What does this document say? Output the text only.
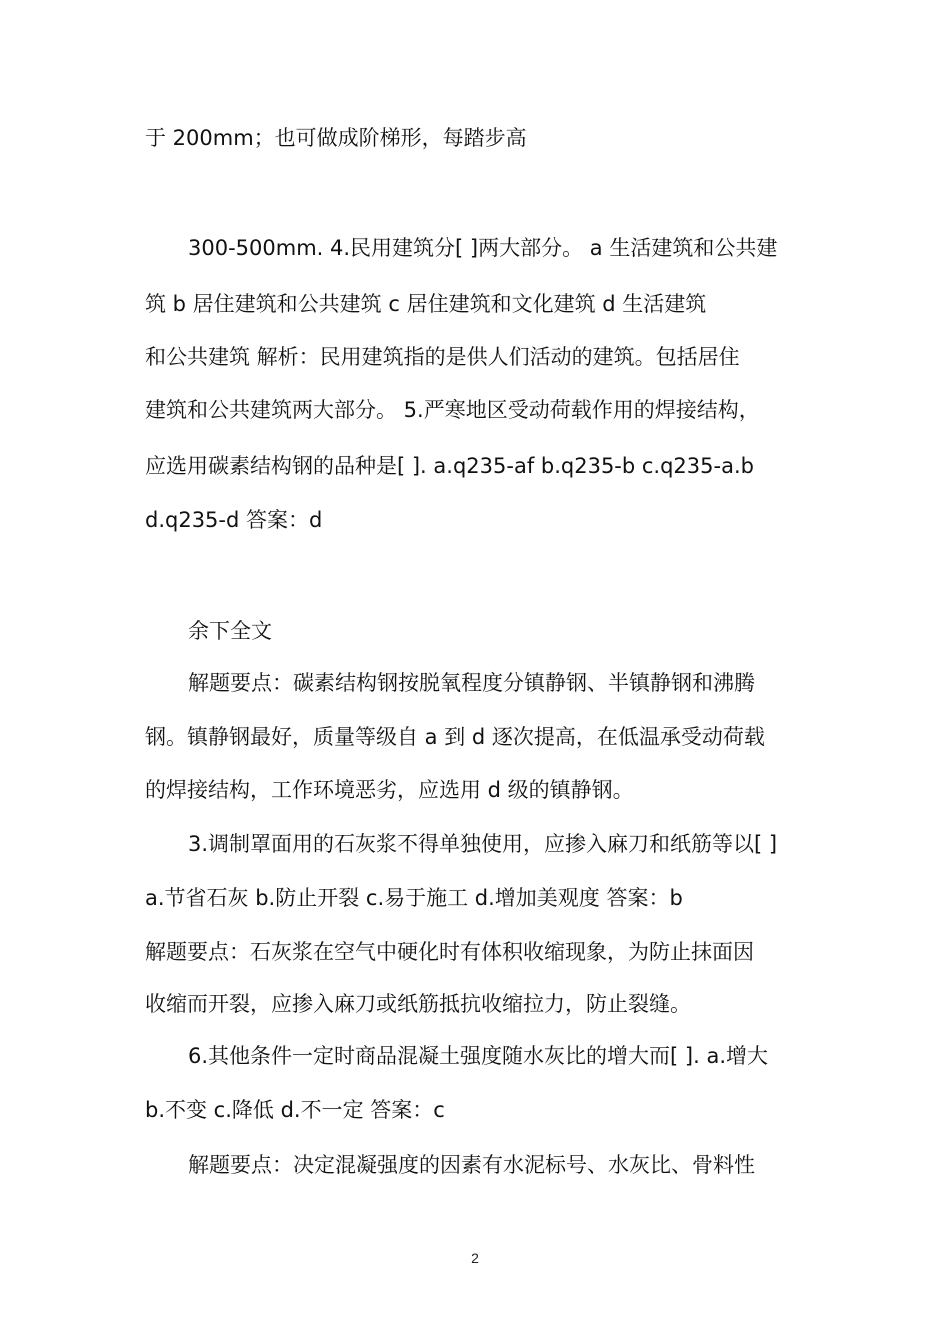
于 200mm；也可做成阶梯形，每踏步高
300-500mm. 4.民用建筑分[ ]两大部分。 a 生活建筑和公共建
筑 b 居住建筑和公共建筑 c 居住建筑和文化建筑 d 生活建筑
和公共建筑 解析：民用建筑指的是供人们活动的建筑。包括居住
建筑和公共建筑两大部分。 5.严寒地区受动荷载作用的焊接结构，
应选用碳素结构钢的品种是[ ]. a.q235-af b.q235-b c.q235-a.b
d.q235-d 答案：d
余下全文
解题要点：碳素结构钢按脱氧程度分镇静钢、半镇静钢和沸腾
钢。镇静钢最好，质量等级自 a 到 d 逐次提高，在低温承受动荷载
的焊接结构，工作环境恶劣，应选用 d 级的镇静钢。
3.调制罩面用的石灰浆不得单独使用，应掺入麻刀和纸筋等以[ ]
a.节省石灰 b.防止开裂 c.易于施工 d.增加美观度 答案：b
解题要点：石灰浆在空气中硬化时有体积收缩现象，为防止抹面因
收缩而开裂，应掺入麻刀或纸筋抵抗收缩拉力，防止裂缝。
6.其他条件一定时商品混凝土强度随水灰比的增大而[ ]. a.增大
b.不变 c.降低 d.不一定 答案：c
解题要点：决定混凝强度的因素有水泥标号、水灰比、骨料性
2
